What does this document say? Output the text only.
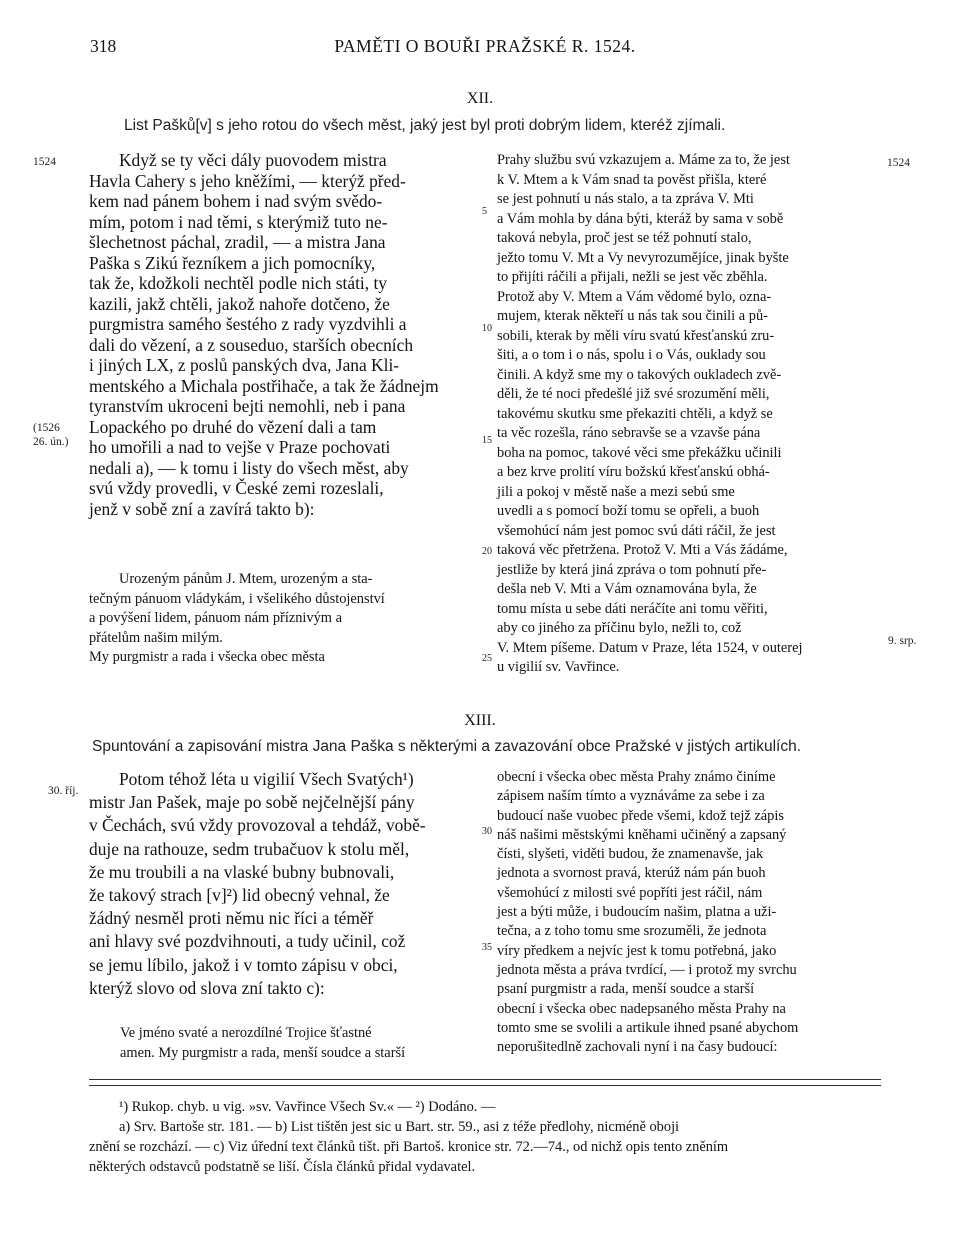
318	PAMĚTI O BOUŘI PRAŽSKÉ R. 1524.
XII.
List Pašků[v] s jeho rotou do všech měst, jaký jest byl proti dobrým lidem, kteréž zjímali.
Když se ty věci dály puovodem mistra
Havla Cahery s jeho kněžími, — kterýž před-
kem nad pánem bohem i nad svým svědo-
mím, potom i nad těmi, s kterýmiž tuto ne-
šlechetnost páchal, zradil, — a mistra Jana
Paška s Zikú řezníkem a jich pomocníky,
tak že, kdožkoli nechtěl podle nich státi, ty
kazili, jakž chtěli, jakož nahoře dotčeno, že
purgmistra samého šestého z rady vyzdvihli a
dali do vězení, a z souseduo, starších obecních
i jiných LX, z poslů panských dva, Jana Kli-
mentského a Michala postřihače, a tak že žádnejm
tyranstvím ukroceni bejti nemohli, neb i pana
Lopackého po druhé do vězení dali a tam
ho umořili a nad to vejše v Praze pochovati
nedali a), — k tomu i listy do všech měst, aby
svú vždy provedli, v České zemi rozeslali,
jenž v sobě zní a zavírá takto b):
Urozeným pánům J. Mtem, urozeným a sta-
tečným pánuom vládykám, i všelikého důstojenství
a povýšení lidem, pánuom nám příznivým a
přátelům našim milým.
My purgmistr a rada i všecka obec města
Prahy službu svú vzkazujem a. Máme za to, že jest
k V. Mtem a k Vám snad ta pověst přišla, které
se jest pohnutí u nás stalo, a ta zpráva V. Mti
a Vám mohla by dána býti, kteráž by sama v sobě
taková nebyla, proč jest se též pohnutí stalo,
ježto tomu V. Mt a Vy nevyrozumějíce, jinak byšte
to přijíti ráčili a přijali, nežli se jest věc zběhla.
Protož aby V. Mtem a Vám vědomé bylo, ozna-
mujem, kterak někteří u nás tak sou činili a pů-
sobili, kterak by měli víru svatú křesťanskú zru-
šiti, a o tom i o nás, spolu i o Vás, ouklady sou
činili. A když sme my o takových oukladech zvě-
děli, že té noci předešlé již své srozumění měli,
takovému skutku sme překaziti chtěli, a když se
ta věc rozešla, ráno sebravše se a vzavše pána
boha na pomoc, takové věci sme překážku učinili
a bez krve prolití víru božskú křesťanskú obhá-
jili a pokoj v městě naše a mezi sebú sme
uvedli a s pomocí boží tomu se opřeli, a buoh
všemohúcí nám jest pomoc svú dáti ráčil, že jest
taková věc přetržena. Protož V. Mti a Vás žádáme,
jestliže by která jiná zpráva o tom pohnutí pře-
dešla neb V. Mti a Vám oznamována byla, že
tomu místa u sebe dáti neráčíte ani tomu věřiti,
aby co jiného za příčinu bylo, nežli to, což
V. Mtem píšeme. Datum v Praze, léta 1524, v outerej
u vigilií sv. Vavřince.
1524	1524
(1526
26. ún.)
9. srp.
5
10
15
20
25
XIII.
Spuntování a zapisování mistra Jana Paška s některými a zavazování obce Pražské v jistých artikulích.
Potom téhož léta u vigilií Všech Svatých¹)
mistr Jan Pašek, maje po sobě nejčelnější pány
v Čechách, svú vždy provozoval a tehdáž, vobě-
duje na rathouze, sedm trubačuov k stolu měl,
že mu troubili a na vlaské bubny bubnovali,
že takový strach [v]²) lid obecný vehnal, že
žádný nesměl proti němu nic říci a téměř
ani hlavy své pozdvihnouti, a tudy učinil, což
se jemu líbilo, jakož i v tomto zápisu v obci,
kterýž slovo od slova zní takto c):
Ve jméno svaté a nerozdílné Trojice šťastné
amen. My purgmistr a rada, menší soudce a starší
obecní i všecka obec města Prahy známo činíme
zápisem naším tímto a vyznáváme za sebe i za
budoucí naše vuobec přede všemi, kdož tejž zápis
náš našimi městskými kněhami učiněný a zapsaný
čísti, slyšeti, viděti budou, že znamenavše, jak
jednota a svornost pravá, kterúž nám pán buoh
všemohúcí z milosti své popříti jest ráčil, nám
jest a býti může, i budoucím našim, platna a uži-
tečna, a z toho tomu sme srozuměli, že jednota
víry předkem a nejvíc jest k tomu potřebná, jako
jednota města a práva tvrdící, — i protož my svrchu
psaní purgmistr a rada, menší soudce a starší
obecní i všecka obec nadepsaného města Prahy na
tomto sme se svolili a artikule ihned psané abychom
neporušitedlně zachovali nyní i na časy budoucí:
30. říj.
30
35
¹) Rukop. chyb. u vig. »sv. Vavřince Všech Sv.« — ²) Dodáno. —
a) Srv. Bartoše str. 181. — b) List tištěn jest sic u Bart. str. 59., asi z téže předlohy, nicméně oboji
znění se rozchází. — c) Viz úřední text článků tišt. při Bartoš. kronice str. 72.—74., od nichž opis tento zněním
některých odstavců podstatně se liší. Čísla článků přidal vydavatel.
